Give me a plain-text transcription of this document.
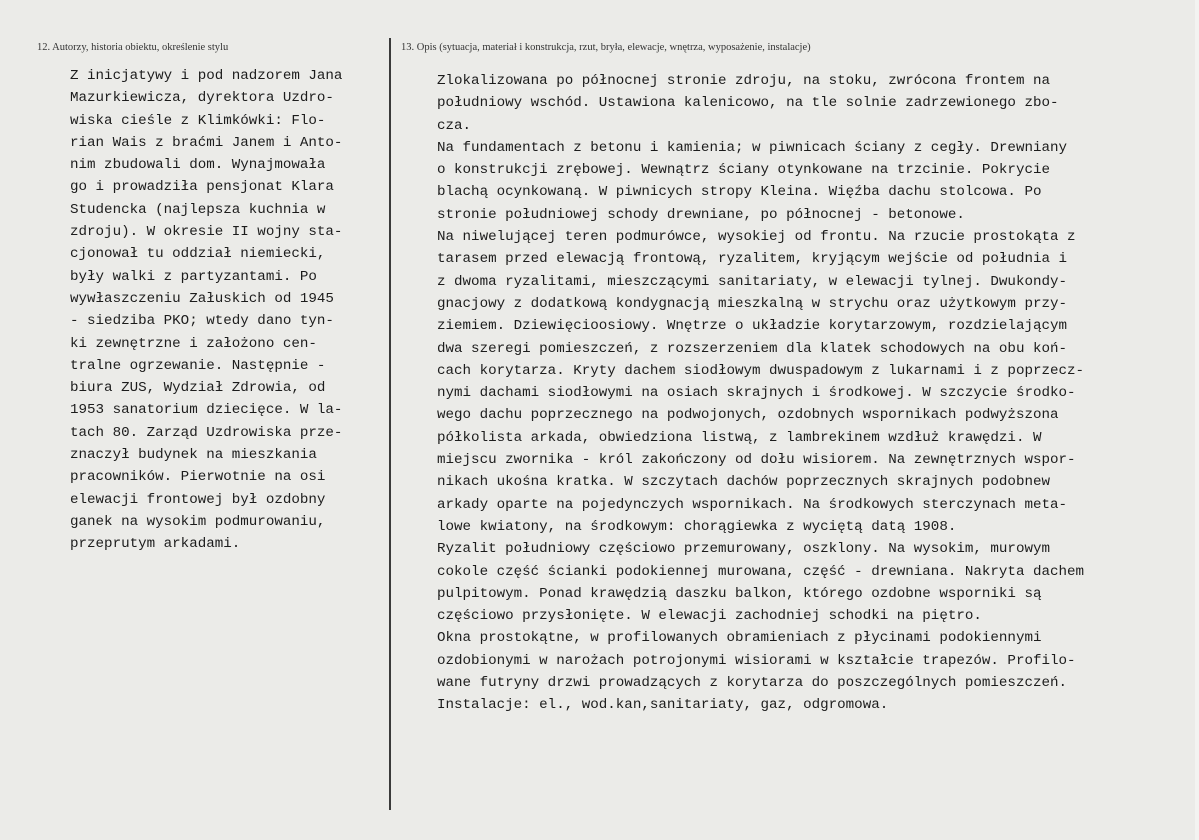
12. Autorzy, historia obiektu, określenie stylu	13. Opis (sytuacja, materiał i konstrukcja, rzut, bryła, elewacje, wnętrza, wyposażenie, instalacje)
Z inicjatywy i pod nadzorem Jana
Mazurkiewicza, dyrektora Uzdro-
wiska cieśle z Klimkówki: Flo-
rian Wais z braćmi Janem i Anto-
nim zbudowali dom. Wynajmowała
go i prowadziła pensjonat Klara
Studencka (najlepsza kuchnia w
zdroju). W okresie II wojny sta-
cjonował tu oddział niemiecki,
były walki z partyzantami. Po
wywłaszczeniu Załuskich od 1945
- siedziba PKO; wtedy dano tyn-
ki zewnętrzne i założono cen-
tralne ogrzewanie. Następnie -
biura ZUS, Wydział Zdrowia, od
1953 sanatorium dziecięce. W la-
tach 80. Zarząd Uzdrowiska prze-
znaczył budynek na mieszkania
pracowników. Pierwotnie na osi
elewacji frontowej był ozdobny
ganek na wysokim podmurowaniu,
przeprutym arkadami.
Zlokalizowana po północnej stronie zdroju, na stoku, zwrócona frontem na
południowy wschód. Ustawiona kalenicowo, na tle solnie zadrzewionego zbo-
cza.
Na fundamentach z betonu i kamienia; w piwnicach ściany z cegły. Drewniany
o konstrukcji zrębowej. Wewnątrz ściany otynkowane na trzcinie. Pokrycie
blachą ocynkowaną. W piwnicych stropy Kleina. Więźba dachu stolcowa. Po
stronie południowej schody drewniane, po północnej - betonowe.
Na niwelującej teren podmurówce, wysokiej od frontu. Na rzucie prostokąta z
tarasem przed elewacją frontową, ryzalitem, kryjącym wejście od południa i
z dwoma ryzalitami, mieszczącymi sanitariaty, w elewacji tylnej. Dwukondy-
gnacjowy z dodatkową kondygnacją mieszkalną w strychu oraz użytkowym przy-
ziemiem. Dziewięcioosiowy. Wnętrze o układzie korytarzowym, rozdzielającym
dwa szeregi pomieszczeń, z rozszerzeniem dla klatek schodowych na obu koń-
cach korytarza. Kryty dachem siodłowym dwuspadowym z lukarnami i z poprzecz-
nymi dachami siodłowymi na osiach skrajnych i środkowej. W szczycie środko-
wego dachu poprzecznego na podwojonych, ozdobnych wspornikach podwyższona
półkolista arkada, obwiedziona listwą, z lambrekinem wzdłuż krawędzi. W
miejscu zwornika - król zakończony od dołu wisiorem. Na zewnętrznych wspor-
nikach ukośna kratka. W szczytach dachów poprzecznych skrajnych podobnew
arkady oparte na pojedynczych wspornikach. Na środkowych sterczynach meta-
lowe kwiatony, na środkowym: chorągiewka z wyciętą datą 1908.
Ryzalit południowy częściowo przemurowany, oszklony. Na wysokim, murowym
cokole część ścianki podokiennej murowana, część - drewniana. Nakryta dachem
pulpitowym. Ponad krawędzią daszku balkon, którego ozdobne wsporniki są
częściowo przysłonięte. W elewacji zachodniej schodki na piętro.
Okna prostokątne, w profilowanych obramieniach z płycinami podokiennymi
ozdobionymi w narożach potrojonymi wisiorami w kształcie trapezów. Profilo-
wane futryny drzwi prowadzących z korytarza do poszczególnych pomieszczeń.
Instalacje: el., wod.kan,sanitariaty, gaz, odgromowa.
